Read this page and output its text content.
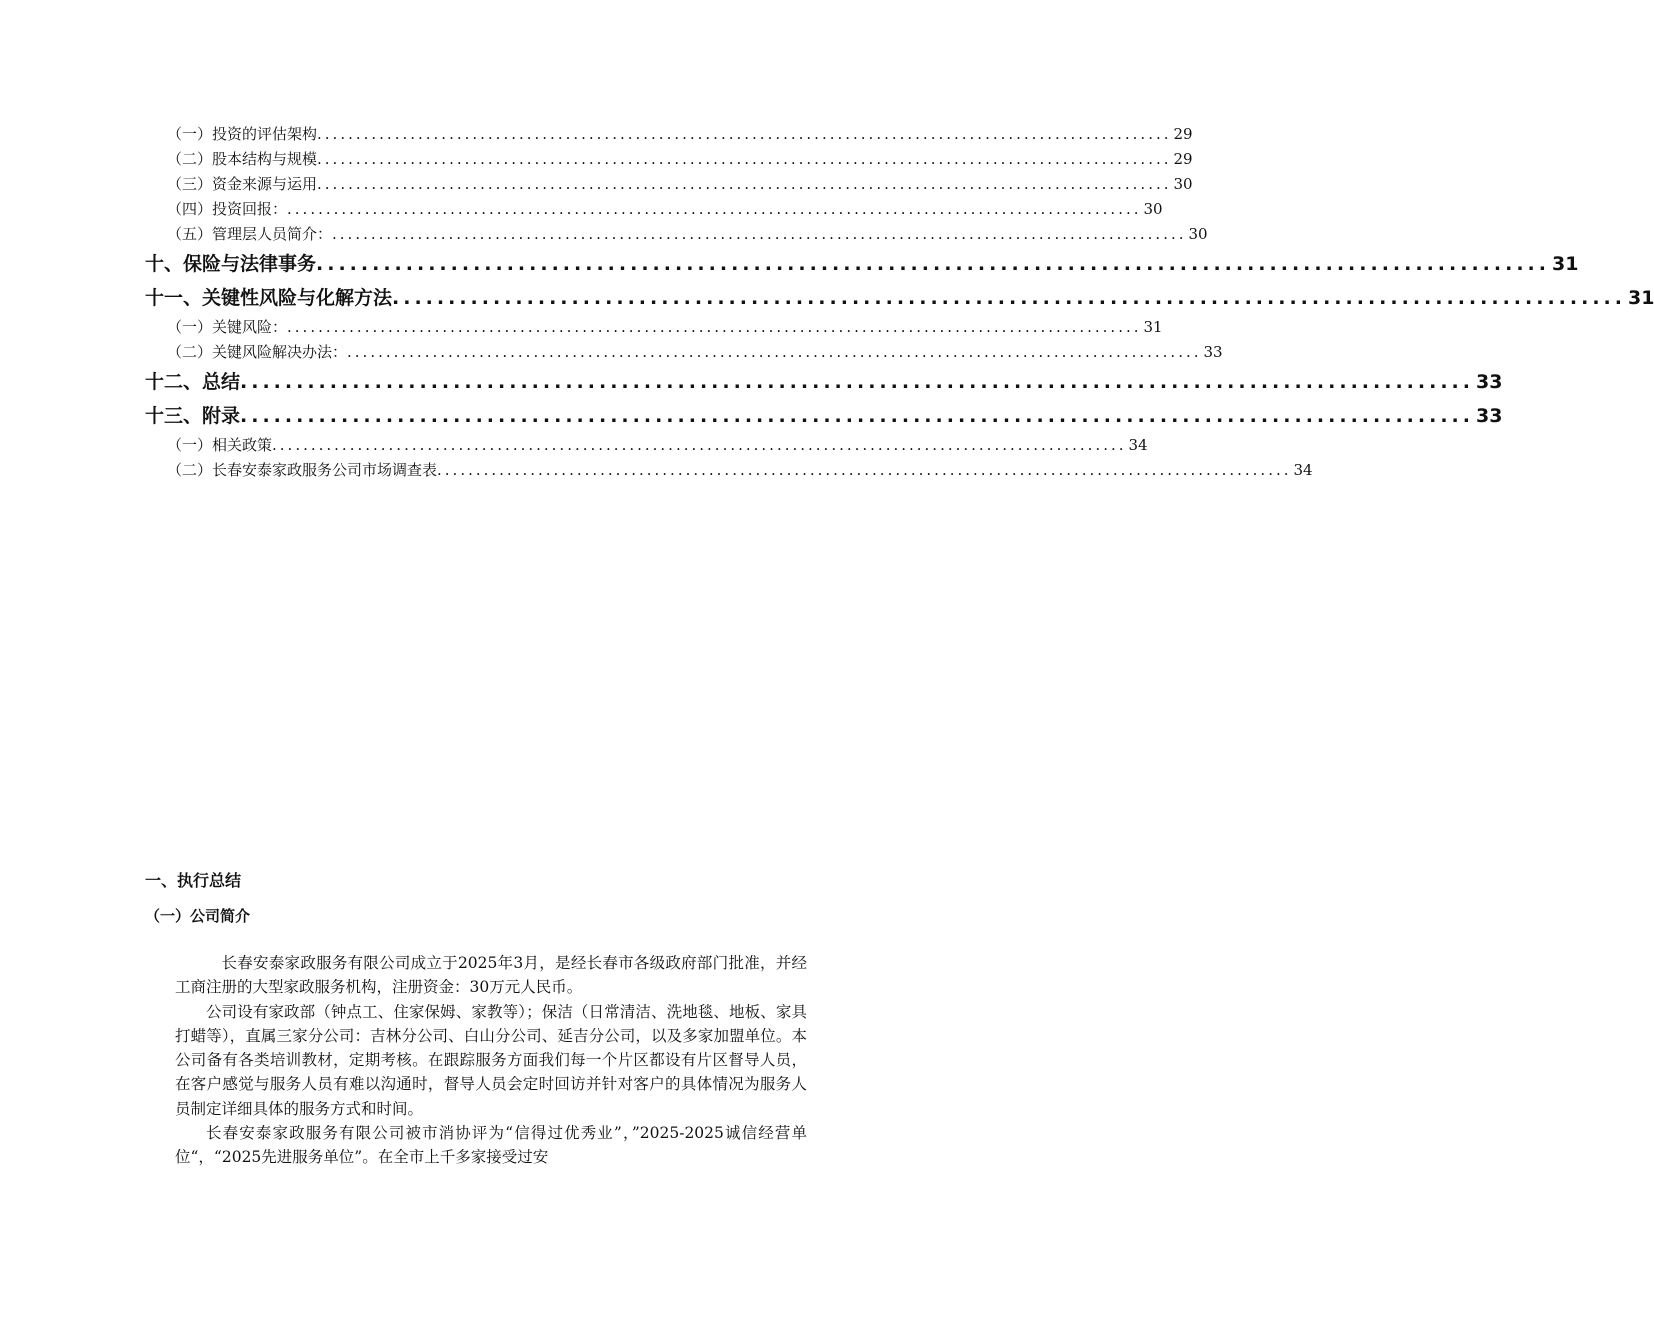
（一）投资的评估架构 .............................................................................................................. 29
（二）股本结构与规模 .............................................................................................................. 29
（三）资金来源与运用 .............................................................................................................. 30
（四）投资回报： .............................................................................................................. 30
（五）管理层人员简介： .............................................................................................................. 30
十、保险与法律事务 .............................................................................................................. 31
十一、关键性风险与化解方法 .............................................................................................................. 31
（一）关键风险： .............................................................................................................. 31
（二）关键风险解决办法： .............................................................................................................. 33
十二、总结 .............................................................................................................. 33
十三、附录 .............................................................................................................. 33
（一）相关政策 .............................................................................................................. 34
（二）长春安泰家政服务公司市场调查表 .............................................................................................................. 34
一、执行总结
（一）公司简介

长春安泰家政服务有限公司成立于2025年3月，是经长春市各级政府部门批准，并经工商注册的大型家政服务机构，注册资金：30万元人民币。

公司设有家政部（钟点工、住家保姆、家教等）；保洁（日常清洁、洗地毯、地板、家具打蜡等），直属三家分公司：吉林分公司、白山分公司、延吉分公司，以及多家加盟单位。本公司备有各类培训教材，定期考核。在跟踪服务方面我们每一个片区都设有片区督导人员，在客户感觉与服务人员有难以沟通时，督导人员会定时回访并针对客户的具体情况为服务人员制定详细具体的服务方式和时间。

长春安泰家政服务有限公司被市消协评为“信得过优秀业”，”2025-2025诚信经营单位“，“2025先进服务单位”。在全市上千多家接受过安
